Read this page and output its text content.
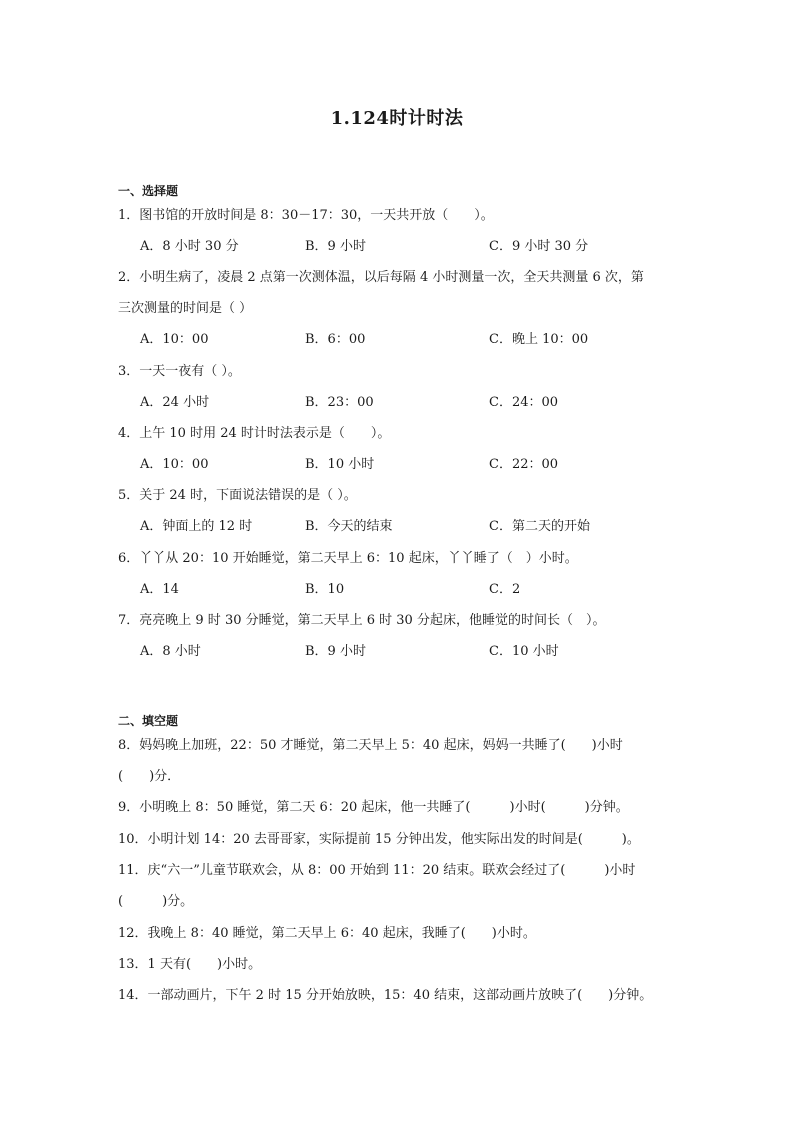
1.124时计时法
一、选择题
1．图书馆的开放时间是 8：30－17：30，一天共开放（　　）。
A．8 小时 30 分	B．9 小时	C．9 小时 30 分
2．小明生病了，凌晨 2 点第一次测体温，以后每隔 4 小时测量一次，全天共测量 6 次，第
三次测量的时间是（ ）
A．10：00	B．6：00	C．晚上 10：00
3．一天一夜有（ ）。
A．24 小时	B．23：00	C．24：00
4．上午 10 时用 24 时计时法表示是（　　）。
A．10：00	B．10 小时	C．22：00
5．关于 24 时，下面说法错误的是（ ）。
A．钟面上的 12 时	B．今天的结束	C．第二天的开始
6．丫丫从 20：10 开始睡觉，第二天早上 6：10 起床，丫丫睡了（　）小时。
A．14	B．10	C．2
7．亮亮晚上 9 时 30 分睡觉，第二天早上 6 时 30 分起床，他睡觉的时间长（　）。
A．8 小时	B．9 小时	C．10 小时
二、填空题
8．妈妈晚上加班，22：50 才睡觉，第二天早上 5：40 起床，妈妈一共睡了(　　)小时
(　　)分．
9．小明晚上 8：50 睡觉，第二天 6：20 起床，他一共睡了(　　　)小时(　　　)分钟。
10．小明计划 14：20 去哥哥家，实际提前 15 分钟出发，他实际出发的时间是(　　　)。
11．庆“六一”儿童节联欢会，从 8：00 开始到 11：20 结束。联欢会经过了(　　　)小时
(　　　)分。
12．我晚上 8：40 睡觉，第二天早上 6：40 起床，我睡了(　　)小时。
13．1 天有(　　)小时。
14．一部动画片，下午 2 时 15 分开始放映，15：40 结束，这部动画片放映了(　　)分钟。
